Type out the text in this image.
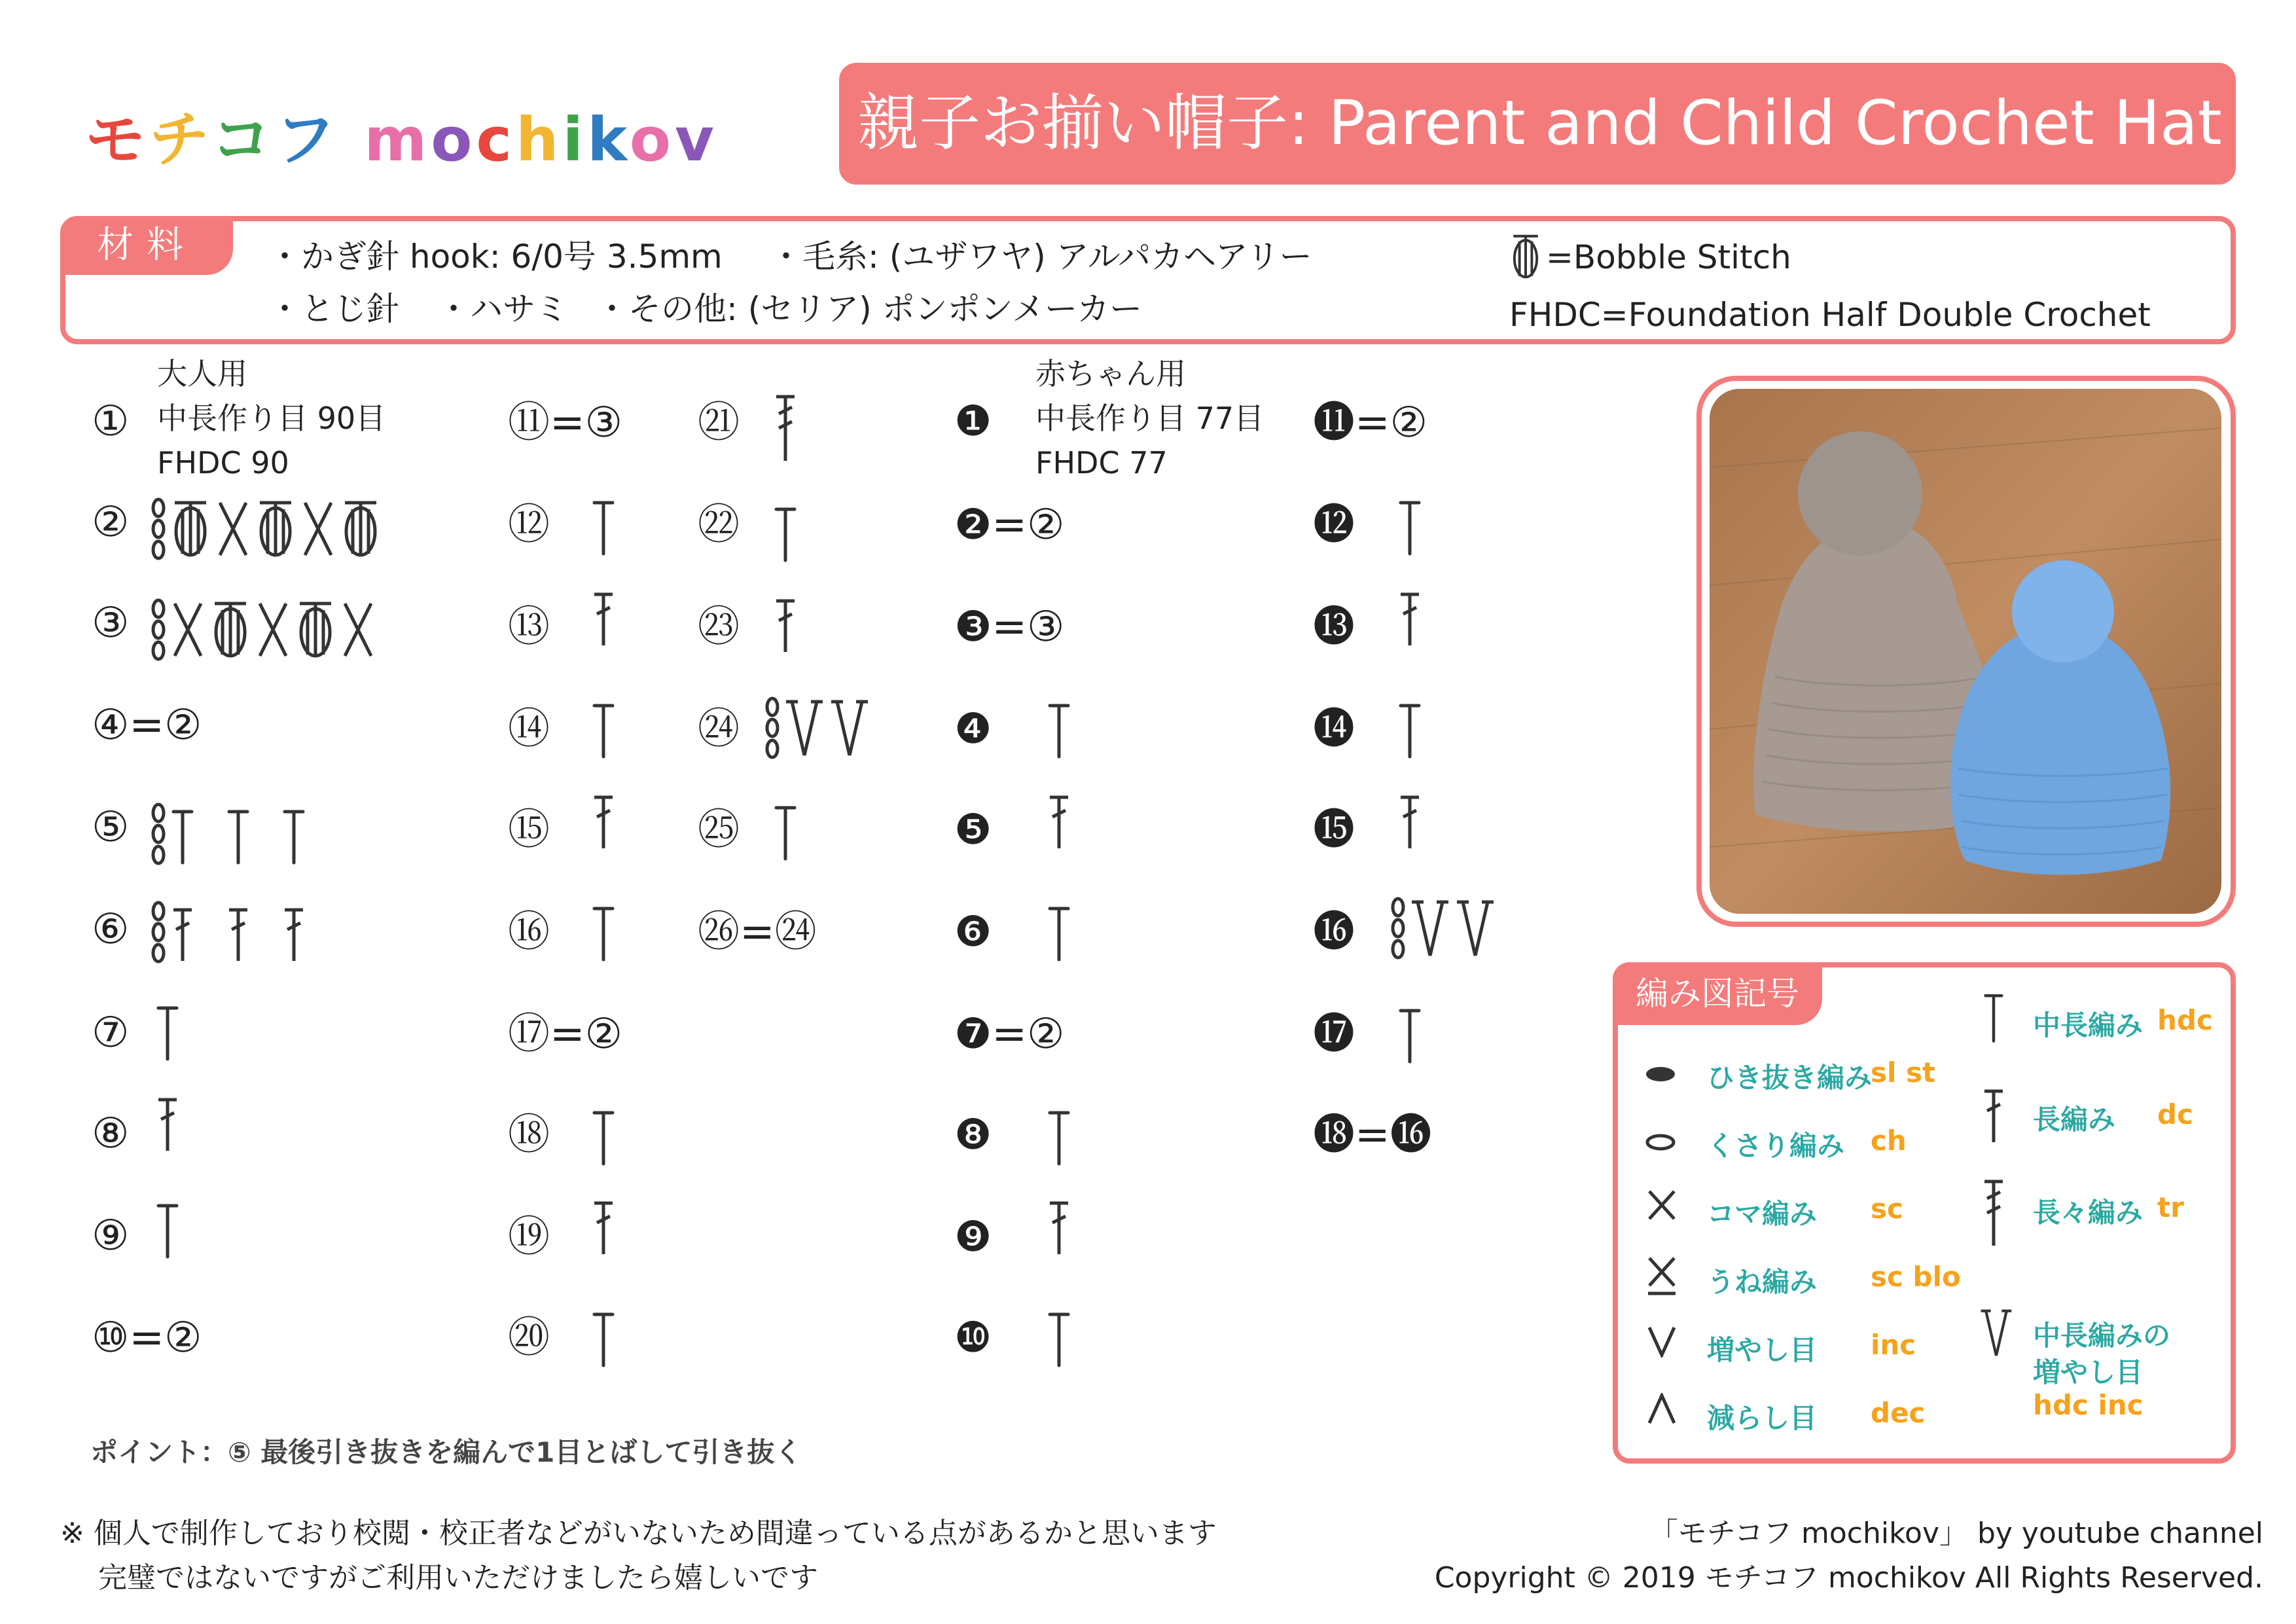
モチコフ mochikov 親子お揃い帽子: Parent and Child Crochet Hat
材料	・かぎ針 hook: 6/0号 3.5mm ・毛糸: (ユザワヤ) アルパカヘアリー
・とじ針 ・ハサミ ・その他: (セリア) ポンポンメーカー
=Bobble Stitch
FHDC=Foundation Half Double Crochet
大人用
① 中長作り目 90目
FHDC 90
②

③

④=②
⑤

⑥

⑦
⑧
⑨
⑩=②
⑪=③
⑫
⑬
⑭
⑮
⑯
⑰=②
⑱
⑲
⑳
㉑
㉒
㉓
㉔

㉕
㉖=㉔
赤ちゃん用
❶ 中長作り目 77目
FHDC 77
❷=②
❸=③
❹
❺
❻
❼=②
❽
❾
❿
⓫=②
⓬
⓭
⓮
⓯
⓰

⓱
⓲=⓰
編み図記号
ひき抜き編み
sl st
くさり編み ch
コマ編み sc
うね編み sc blo
増やし目 inc
減らし目 dec
中長編み hdc
長編み dc
長々編み tr
中長編みの
増やし目
hdc inc
ポイント：⑤ 最後引き抜きを編んで1目とばして引き抜く
※ 個人で制作しており校閲・校正者などがいないため間違っている点があるかと思います
完璧ではないですがご利用いただけましたら嬉しいです
「モチコフ mochikov」 by youtube channel
Copyright © 2019 モチコフ mochikov All Rights Reserved.
